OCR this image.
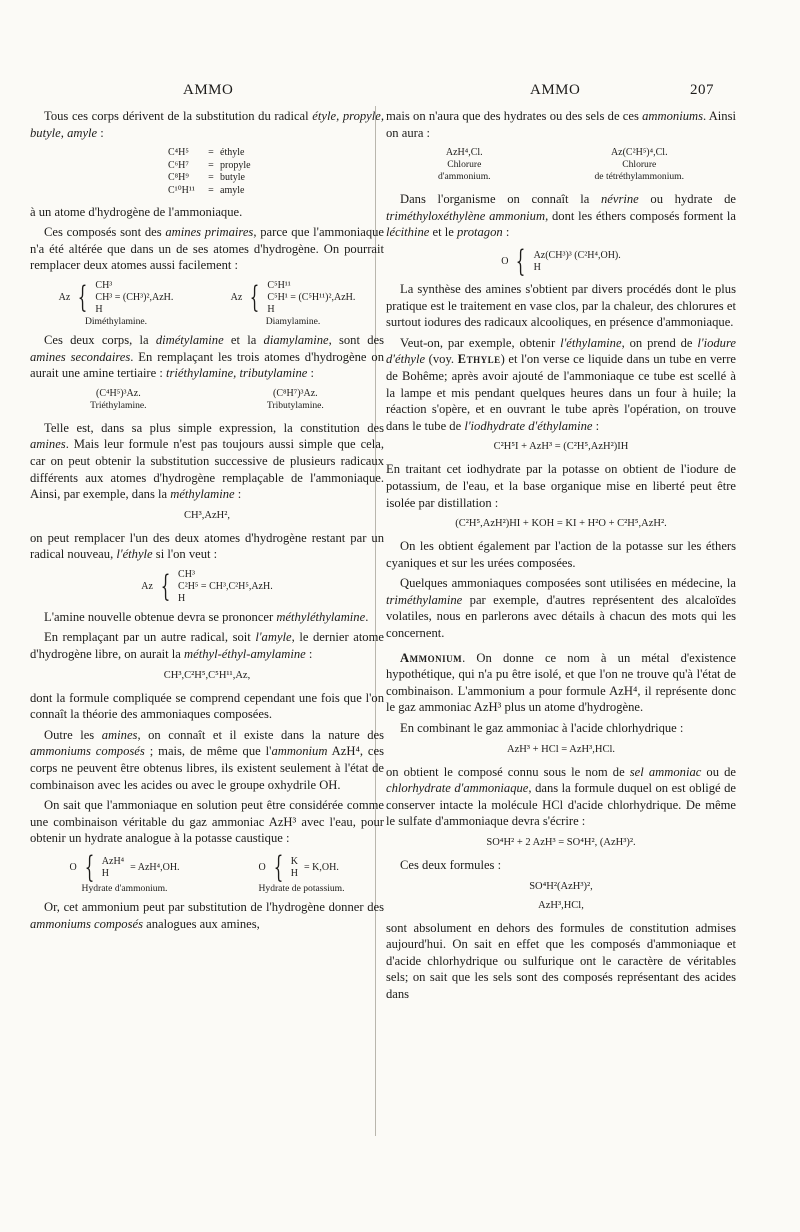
AMMO	AMMO	207

Tous ces corps dérivent de la substitution du radical étyle, propyle, butyle, amyle :

C⁴H⁵	= éthyle
C⁶H⁷	= propyle
C⁸H⁹	= butyle
C¹⁰H¹¹	= amyle

à un atome d'hydrogène de l'ammoniaque.

Ces composés sont des amines primaires, parce que l'ammoniaque n'a été altérée que dans un de ses atomes d'hydrogène. On pourrait remplacer deux atomes aussi facilement :

Az { CH³
CH³ = (CH³)²,AzH.
H
Diméthylamine.
Az { C⁵H¹¹
C⁵H¹ = (C⁵H¹¹)²,AzH.
H
Diamylamine.

Ces deux corps, la dimétylamine et la diamylamine, sont des amines secondaires. En remplaçant les trois atomes d'hydrogène on aurait une amine tertiaire : triéthylamine, tributylamine :

(C⁴H⁵)³Az.
Triéthylamine.
(C⁸H⁷)³Az.
Tributylamine.

Telle est, dans sa plus simple expression, la constitution des amines. Mais leur formule n'est pas toujours aussi simple que cela, car on peut obtenir la substitution successive de plusieurs radicaux différents aux atomes d'hydrogène remplaçable de l'ammoniaque. Ainsi, par exemple, dans la méthylamine :

CH³,AzH²,

on peut remplacer l'un des deux atomes d'hydrogène restant par un radical nouveau, l'éthyle si l'on veut :

Az { CH³
C²H⁵ = CH³,C²H⁵,AzH.
H

L'amine nouvelle obtenue devra se prononcer méthyléthylamine.

En remplaçant par un autre radical, soit l'amyle, le dernier atome d'hydrogène libre, on aurait la méthyl-éthyl-amylamine :

CH³,C²H⁵,C⁵H¹¹,Az,

dont la formule compliquée se comprend cependant une fois que l'on connaît la théorie des ammoniaques composées.

Outre les amines, on connaît et il existe dans la nature des ammoniums composés ; mais, de même que l'ammonium AzH⁴, ces corps ne peuvent être obtenus libres, ils existent seulement à l'état de combinaison avec les acides ou avec le groupe oxhydrile OH.

On sait que l'ammoniaque en solution peut être considérée comme une combinaison véritable du gaz ammoniac AzH³ avec l'eau, pour obtenir un hydrate analogue à la potasse caustique :

O { AzH⁴
H
= AzH⁴,OH.
Hydrate d'ammonium.
O { K
H
= K,OH.
Hydrate de potassium.

Or, cet ammonium peut par substitution de l'hydrogène donner des ammoniums composés analogues aux amines,

mais on n'aura que des hydrates ou des sels de ces ammoniums. Ainsi on aura :

AzH⁴,Cl.
Chlorure
d'ammonium.
Az(C²H⁵)⁴,Cl.
Chlorure
de tétréthylammonium.

Dans l'organisme on connaît la névrine ou hydrate de triméthyloxéthylène ammonium, dont les éthers composés forment la lécithine et le protagon :

O { Az(CH³)³ (C²H⁴,OH).
H

La synthèse des amines s'obtient par divers procédés dont le plus pratique est le traitement en vase clos, par la chaleur, des chlorures et surtout iodures des radicaux alcooliques, en présence d'ammoniaque.

Veut-on, par exemple, obtenir l'éthylamine, on prend de l'iodure d'éthyle (voy. Ethyle) et l'on verse ce liquide dans un tube en verre de Bohême; après avoir ajouté de l'ammoniaque ce tube est scellé à la lampe et mis pendant quelques heures dans un four à huile; la réaction s'opère, et en ouvrant le tube après l'opération, on trouve dans le tube de l'iodhydrate d'éthylamine :

C²H⁵I + AzH³ = (C²H⁵,AzH²)IH

En traitant cet iodhydrate par la potasse on obtient de l'iodure de potassium, de l'eau, et la base organique mise en liberté peut être isolée par distillation :

(C²H⁵,AzH²)HI + KOH = KI + H²O + C²H⁵,AzH².

On les obtient également par l'action de la potasse sur les éthers cyaniques et sur les urées composées.

Quelques ammoniaques composées sont utilisées en médecine, la triméthylamine par exemple, d'autres représentent des alcaloïdes volatiles, nous en parlerons avec détails à chacun des mots qui les concernent.

Ammonium. On donne ce nom à un métal d'existence hypothétique, qui n'a pu être isolé, et que l'on ne trouve qu'à l'état de combinaison. L'ammonium a pour formule AzH⁴, il représente donc le gaz ammoniac AzH³ plus un atome d'hydrogène.

En combinant le gaz ammoniac à l'acide chlorhydrique :

AzH³ + HCl = AzH³,HCl.

on obtient le composé connu sous le nom de sel ammoniac ou de chlorhydrate d'ammoniaque, dans la formule duquel on est obligé de conserver intacte la molécule HCl d'acide chlorhydrique. De même le sulfate d'ammoniaque devra s'écrire :

SO⁴H² + 2 AzH³ = SO⁴H², (AzH³)².

Ces deux formules :

SO⁴H²(AzH³)²,
AzH³,HCl,

sont absolument en dehors des formules de constitution admises aujourd'hui. On sait en effet que les composés d'ammoniaque et d'acide chlorhydrique ou sulfurique ont le caractère de véritables sels; on sait que les sels sont des composés représentant des acides dans
